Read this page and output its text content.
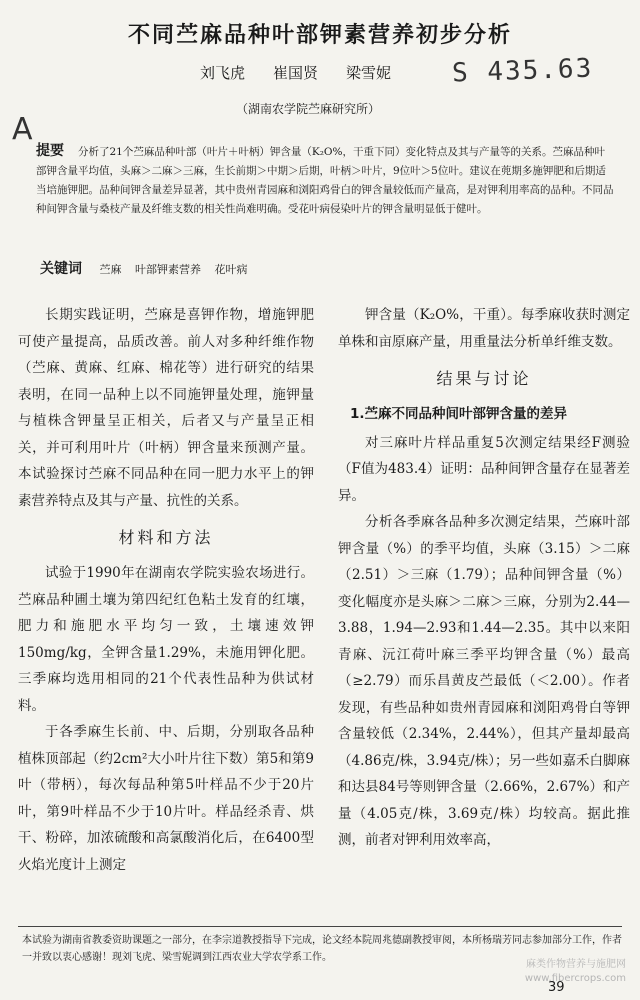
不同苎麻品种叶部钾素营养初步分析
刘飞虎 崔国贤 梁雪妮 S 435.63
（湖南农学院苎麻研究所）
A
提要 分析了21个苎麻品种叶部（叶片＋叶柄）钾含量（K₂O%，干重下同）变化特点及其与产量等的关系。苎麻品种叶部钾含量平均值，头麻＞二麻＞三麻，生长前期＞中期＞后期，叶柄＞叶片，9位叶＞5位叶。建议在蔸期多施钾肥和后期适当培施钾肥。品种间钾含量差异显著，其中贵州青园麻和浏阳鸡骨白的钾含量较低而产量高，是对钾利用率高的品种。不同品种间钾含量与桑枝产量及纤维支数的相关性尚难明确。受花叶病侵染叶片的钾含量明显低于健叶。
关键词 苎麻 叶部钾素营养 花叶病

长期实践证明，苎麻是喜钾作物，增施钾肥可使产量提高，品质改善。前人对多种纤维作物（苎麻、黄麻、红麻、棉花等）进行研究的结果表明，在同一品种上以不同施钾量处理，施钾量与植株含钾量呈正相关，后者又与产量呈正相关，并可利用叶片（叶柄）钾含量来预测产量。本试验探讨苎麻不同品种在同一肥力水平上的钾素营养特点及其与产量、抗性的关系。

材料和方法

试验于1990年在湖南农学院实验农场进行。苎麻品种圃土壤为第四纪红色粘土发育的红壤，肥力和施肥水平均匀一致，土壤速效钾150mg/kg，全钾含量1.29%，未施用钾化肥。三季麻均选用相同的21个代表性品种为供试材料。

于各季麻生长前、中、后期，分别取各品种植株顶部起（约2cm²大小叶片往下数）第5和第9叶（带柄），每次每品种第5叶样品不少于20片叶，第9叶样品不少于10片叶。样品经杀青、烘干、粉碎，加浓硫酸和高氯酸消化后，在6400型火焰光度计上测定

钾含量（K₂O%，干重）。每季麻收获时测定单株和亩原麻产量，用重量法分析单纤维支数。

结果与讨论
1.苎麻不同品种间叶部钾含量的差异

对三麻叶片样品重复5次测定结果经F测验（F值为483.4）证明：品种间钾含量存在显著差异。

分析各季麻各品种多次测定结果，苎麻叶部钾含量（%）的季平均值，头麻（3.15）＞二麻（2.51）＞三麻（1.79）；品种间钾含量（%）变化幅度亦是头麻＞二麻＞三麻，分别为2.44—3.88，1.94—2.93和1.44—2.35。其中以来阳青麻、沅江荷叶麻三季平均钾含量（%）最高（≥2.79）而乐昌黄皮苎最低（＜2.00）。作者发现，有些品种如贵州青园麻和浏阳鸡骨白等钾含量较低（2.34%，2.44%），但其产量却最高（4.86克/株，3.94克/株）；另一些如嘉禾白脚麻和达县84号等则钾含量（2.66%，2.67%）和产量（4.05克/株，3.69克/株）均较高。据此推测，前者对钾利用效率高，

本试验为湖南省教委资助课题之一部分，在李宗道教授指导下完成，论文经本院周兆德副教授审阅，本所杨瑞芳同志参加部分工作，作者一并致以衷心感谢！现刘飞虎、梁雪妮调到江西农业大学农学系工作。
麻类作物营养与施肥网
www.fibercrops.com
39
